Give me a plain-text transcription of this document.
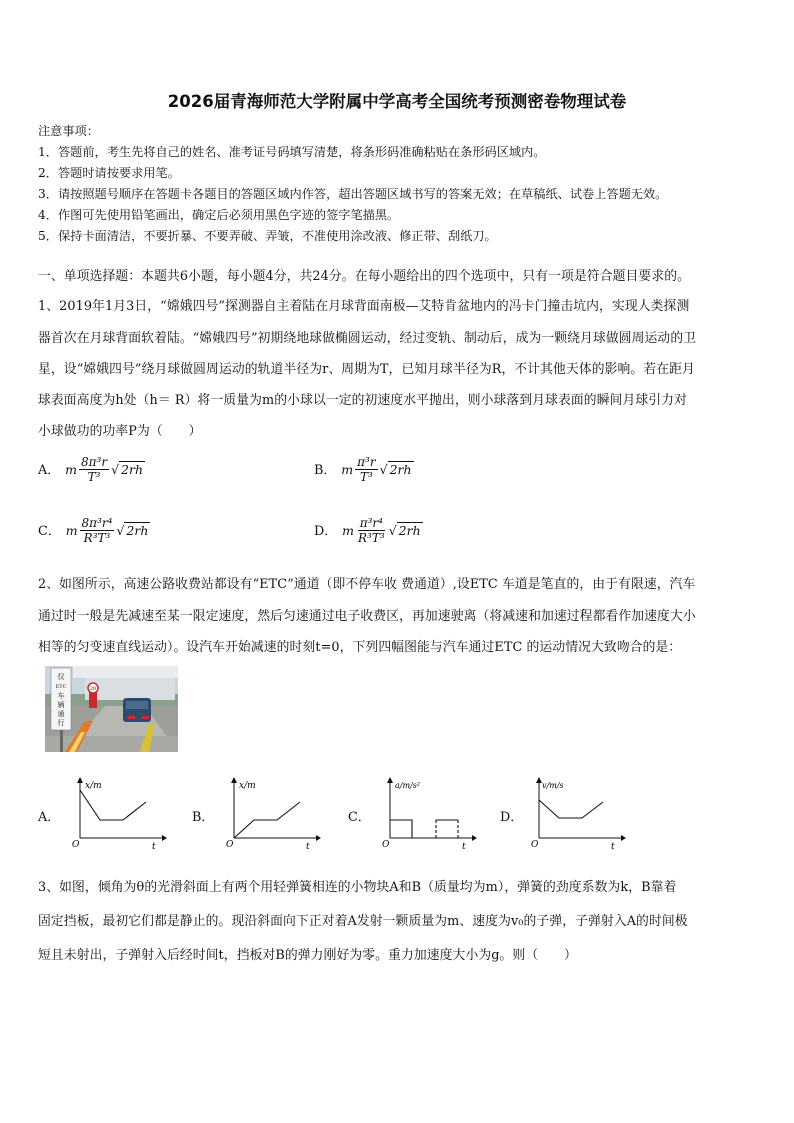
2026届青海师范大学附属中学高考全国统考预测密卷物理试卷
注意事项：
1．答题前，考生先将自己的姓名、准考证号码填写清楚，将条形码准确粘贴在条形码区域内。
2．答题时请按要求用笔。
3．请按照题号顺序在答题卡各题目的答题区域内作答，超出答题区域书写的答案无效；在草稿纸、试卷上答题无效。
4．作图可先使用铅笔画出，确定后必须用黑色字迹的签字笔描黑。
5．保持卡面清洁，不要折暴、不要弄破、弄皱，不准使用涂改液、修正带、刮纸刀。
一、单项选择题：本题共6小题，每小题4分，共24分。在每小题给出的四个选项中，只有一项是符合题目要求的。
1、2019年1月3日，“嫦娥四号”探测器自主着陆在月球背面南极—艾特肯盆地内的冯卡门撞击坑内，实现人类探测
器首次在月球背面软着陆。“嫦娥四号”初期绕地球做椭圆运动，经过变轨、制动后，成为一颗绕月球做圆周运动的卫
星，设“嫦娥四号”绕月球做圆周运动的轨道半径为r、周期为T，已知月球半径为R，不计其他天体的影响。若在距月
球表面高度为h处（h＝ R）将一质量为m的小球以一定的初速度水平抛出，则小球落到月球表面的瞬间月球引力对
小球做功的功率P为（　　）
A． m $\frac{\text{8π³r}}{\text{T³}}$ √ 2rh	B． m $\frac{\text{π³r}}{\text{T³}}$ √ 2rh
C． m $\frac{\text{8π³r⁴}}{\text{R³T³}}$ √ 2rh	D． m $\frac{\text{π³r⁴}}{\text{R³T³}}$ √ 2rh
2、如图所示，高速公路收费站都设有“ETC”通道（即不停车收 费通道）,设ETC 车道是笔直的，由于有限速，汽车
通过时一般是先减速至某一限定速度，然后匀速通过电子收费区，再加速驶离（将减速和加速过程都看作加速度大小
相等的匀变速直线运动）。设汽车开始减速的时刻t=0，下列四幅图能与汽车通过ETC 的运动情况大致吻合的是：
仅
ETC
车
辆
通
行
20
A．
x/m
t
O
B．
x/m
t
O
C．
a/m/s²
t
O
D．
v/m/s
t
O
3、如图，倾角为θ的光滑斜面上有两个用轻弹簧相连的小物块A和B（质量均为m），弹簧的劲度系数为k，B靠着
固定挡板，最初它们都是静止的。现沿斜面向下正对着A发射一颗质量为m、速度为v₀的子弹，子弹射入A的时间极
短且未射出，子弹射入后经时间t，挡板对B的弹力刚好为零。重力加速度大小为g。则（　　）
